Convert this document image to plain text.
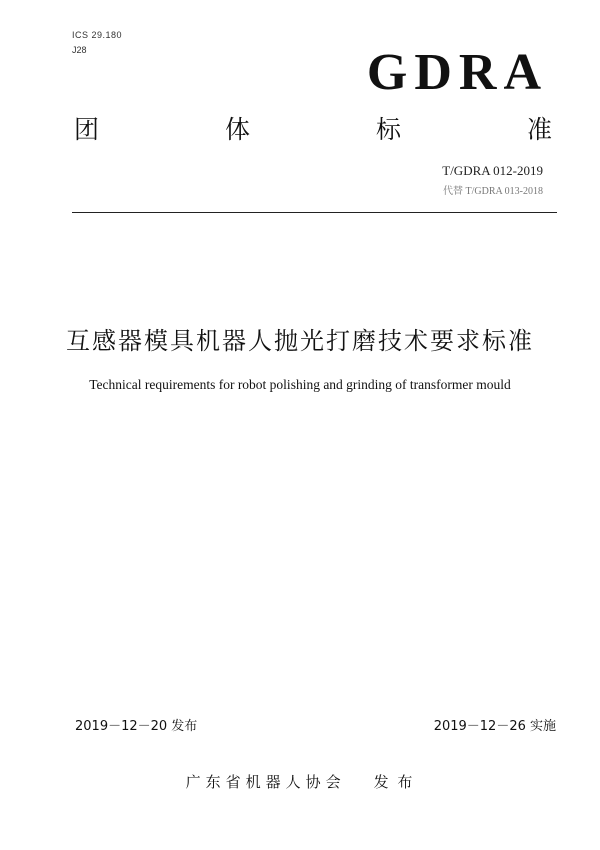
ICS 29.180
J28	GDRA
团	体	标	准
T/GDRA 012-2019
代替 T/GDRA 013-2018
互感器模具机器人抛光打磨技术要求标准
Technical requirements for robot polishing and grinding of transformer mould
2019－12－20 发布	2019－12－26 实施
广东省机器人协会 发 布
